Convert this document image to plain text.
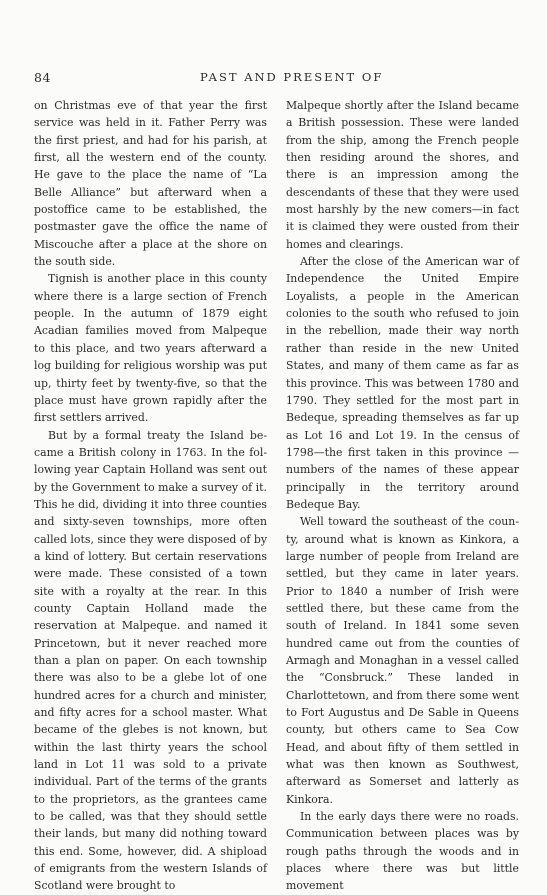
84	PAST AND PRESENT OF

on Christmas eve of that year the first service was held in it. Father Perry was the first priest, and had for his parish, at first, all the western end of the county. He gave to the place the name of “La Belle Alliance” but afterward when a postoffice came to be established, the postmaster gave the office the name of Miscouche after a place at the shore on the south side.

Tignish is another place in this county where there is a large section of French people. In the autumn of 1879 eight Acadian families moved from Malpeque to this place, and two years afterward a log building for religious worship was put up, thirty feet by twenty-five, so that the place must have grown rapidly after the first settlers arrived.

But by a formal treaty the Island became a British colony in 1763. In the following year Captain Holland was sent out by the Government to make a survey of it. This he did, dividing it into three counties and sixty-seven townships, more often called lots, since they were disposed of by a kind of lottery. But certain reservations were made. These consisted of a town site with a royalty at the rear. In this county Captain Holland made the reservation at Malpeque. and named it Princetown, but it never reached more than a plan on paper. On each township there was also to be a glebe lot of one hundred acres for a church and minister, and fifty acres for a school master. What became of the glebes is not known, but within the last thirty years the school land in Lot 11 was sold to a private individual. Part of the terms of the grants to the proprietors, as the grantees came to be called, was that they should settle their lands, but many did nothing toward this end. Some, however, did. A shipload of emigrants from the western Islands of Scotland were brought to

Malpeque shortly after the Island became a British possession. These were landed from the ship, among the French people then residing around the shores, and there is an impression among the descendants of these that they were used most harshly by the new comers—in fact it is claimed they were ousted from their homes and clearings.

After the close of the American war of Independence the United Empire Loyalists, a people in the American colonies to the south who refused to join in the rebellion, made their way north rather than reside in the new United States, and many of them came as far as this province. This was between 1780 and 1790. They settled for the most part in Bedeque, spreading themselves as far up as Lot 16 and Lot 19. In the census of 1798—the first taken in this province —numbers of the names of these appear principally in the territory around Bedeque Bay.

Well toward the southeast of the county, around what is known as Kinkora, a large number of people from Ireland are settled, but they came in later years. Prior to 1840 a number of Irish were settled there, but these came from the south of Ireland. In 1841 some seven hundred came out from the counties of Armagh and Monaghan in a vessel called the “Consbruck.” These landed in Charlottetown, and from there some went to Fort Augustus and De Sable in Queens county, but others came to Sea Cow Head, and about fifty of them settled in what was then known as Southwest, afterward as Somerset and latterly as Kinkora.

In the early days there were no roads. Communication between places was by rough paths through the woods and in places where there was but little movement
